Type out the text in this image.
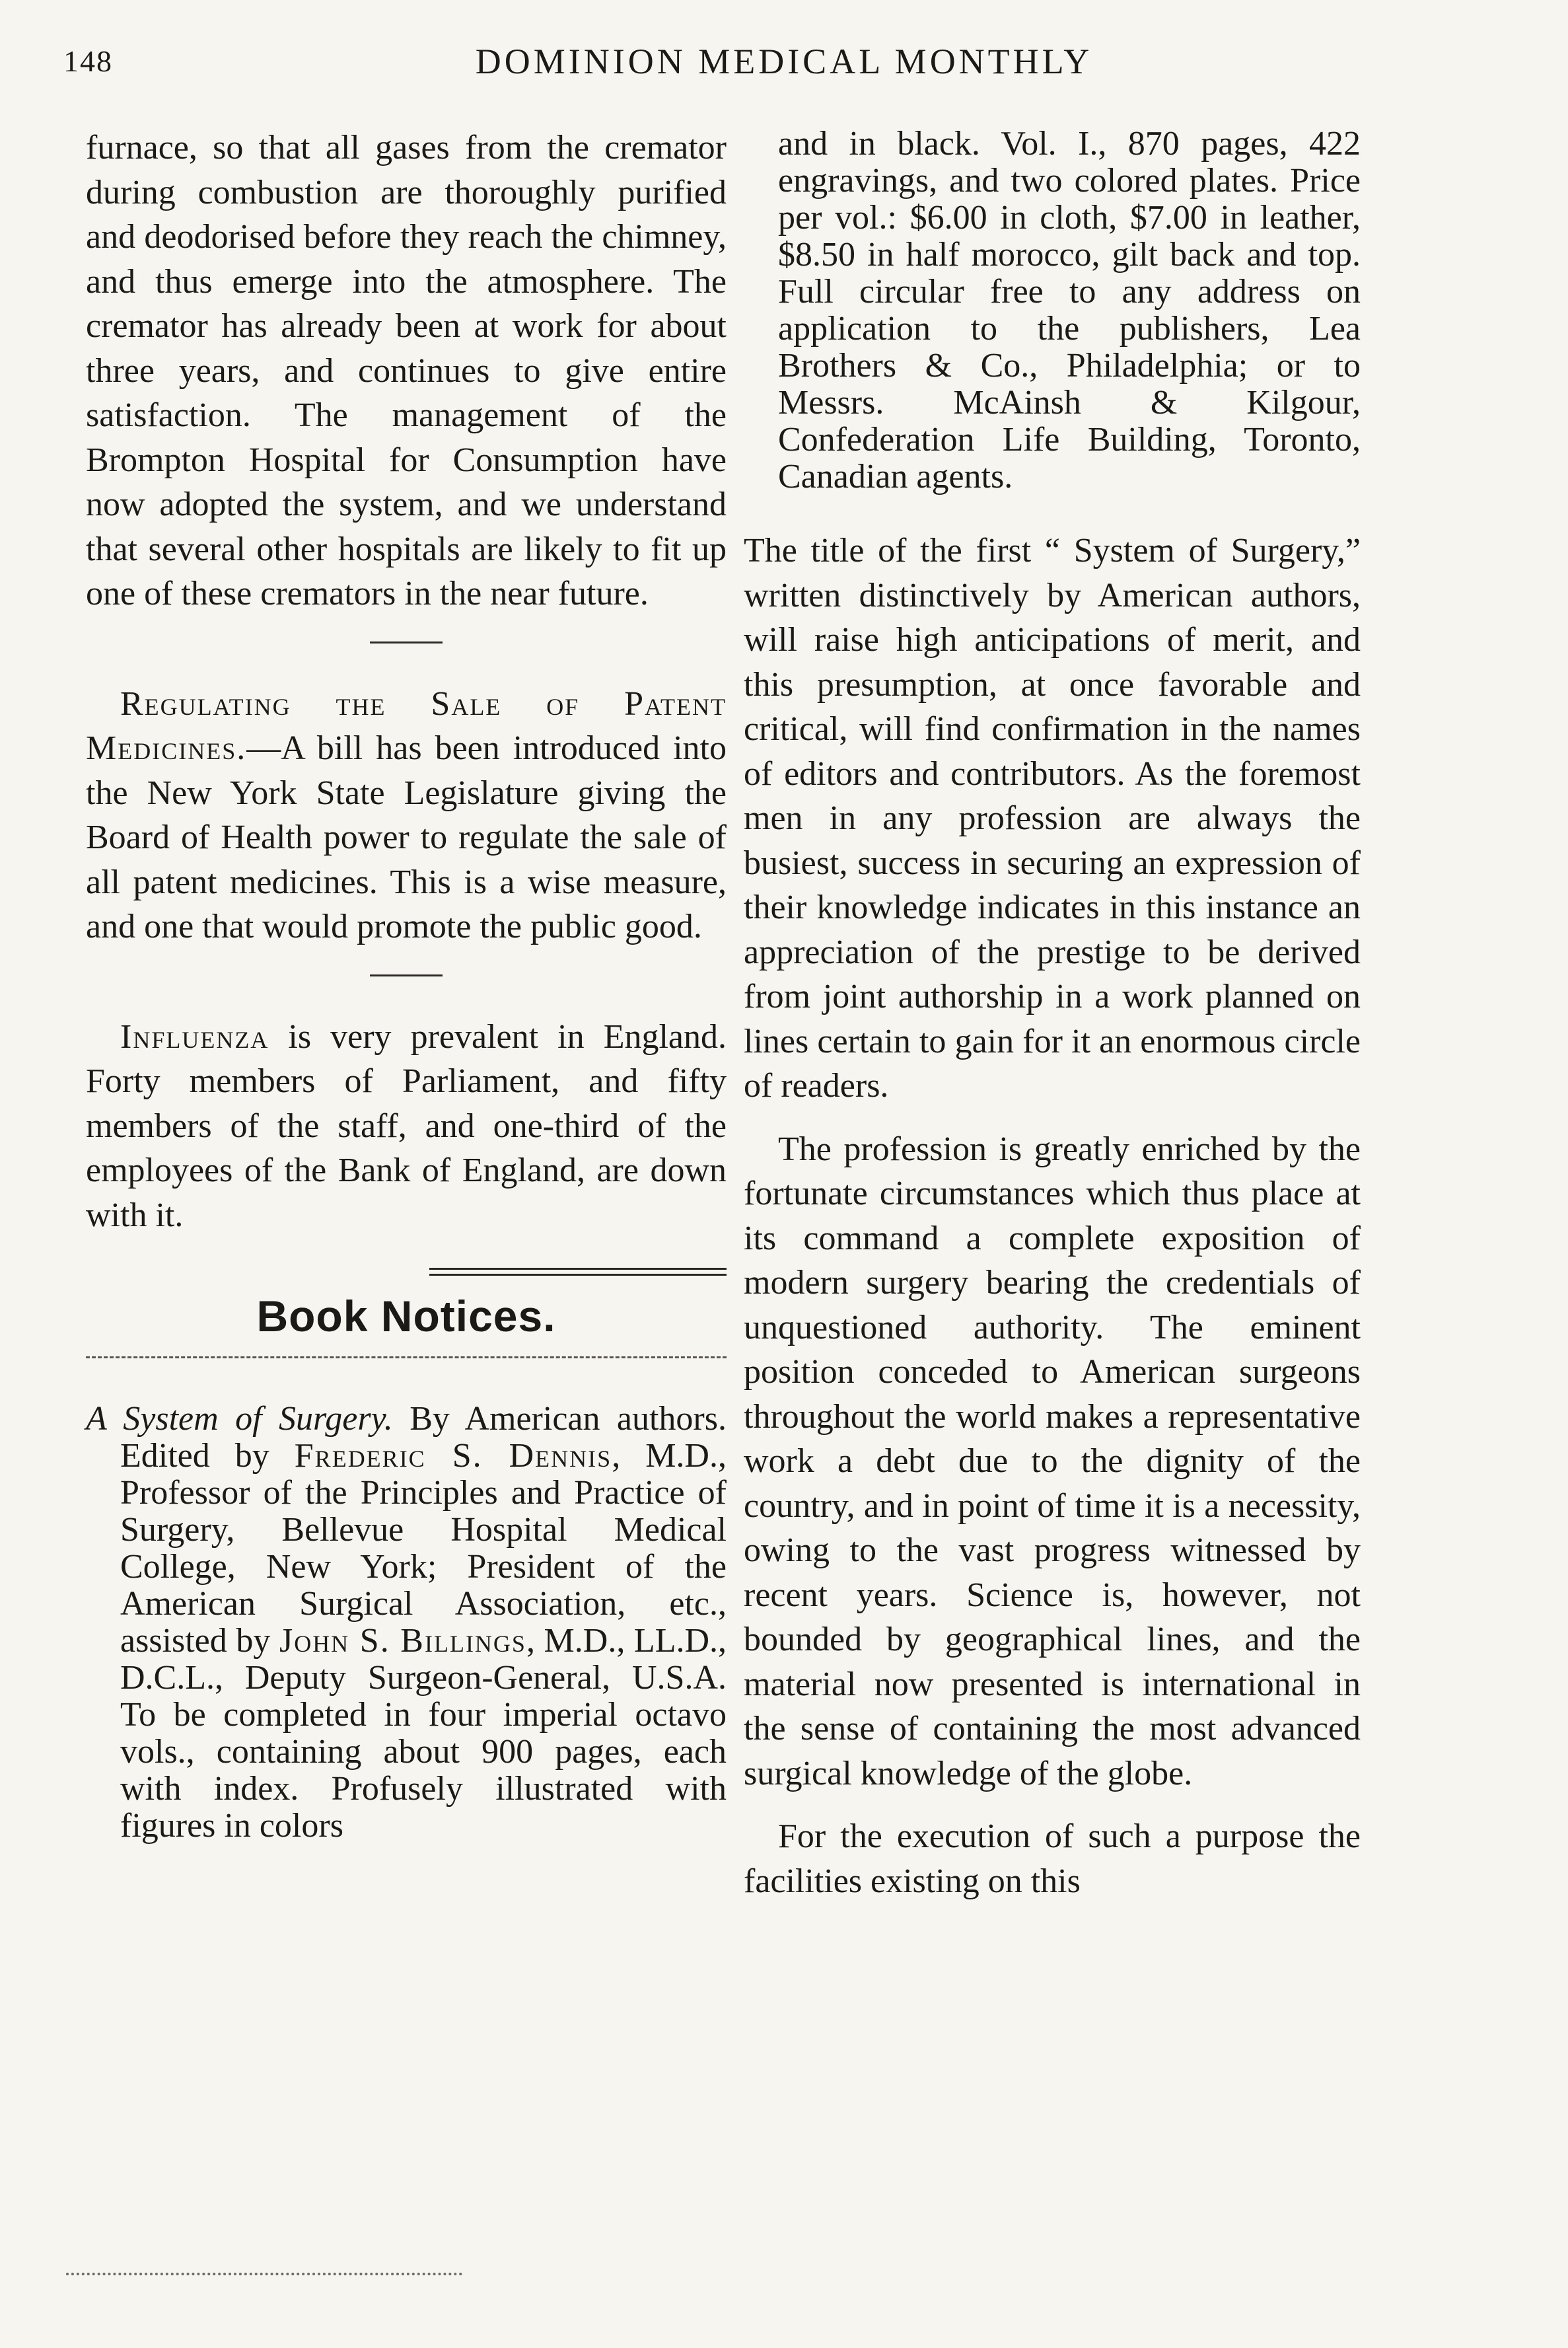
148	DOMINION MEDICAL MONTHLY

furnace, so that all gases from the cremator during combustion are thoroughly purified and deodorised before they reach the chimney, and thus emerge into the atmosphere. The cremator has already been at work for about three years, and continues to give entire satisfaction. The management of the Brompton Hospital for Consumption have now adopted the system, and we understand that several other hospitals are likely to fit up one of these cremators in the near future.

Regulating the Sale of Patent Medicines.—A bill has been introduced into the New York State Legislature giving the Board of Health power to regulate the sale of all patent medicines. This is a wise measure, and one that would promote the public good.

Influenza is very prevalent in England. Forty members of Parliament, and fifty members of the staff, and one-third of the employees of the Bank of England, are down with it.

Book Notices.

A System of Surgery. By American authors. Edited by Frederic S. Dennis, M.D., Professor of the Principles and Practice of Surgery, Bellevue Hospital Medical College, New York; President of the American Surgical Association, etc., assisted by John S. Billings, M.D., LL.D., D.C.L., Deputy Surgeon-General, U.S.A. To be completed in four imperial octavo vols., containing about 900 pages, each with index. Profusely illustrated with figures in colors

and in black. Vol. I., 870 pages, 422 engravings, and two colored plates. Price per vol.: $6.00 in cloth, $7.00 in leather, $8.50 in half morocco, gilt back and top. Full circular free to any address on application to the publishers, Lea Brothers & Co., Philadelphia; or to Messrs. McAinsh & Kilgour, Confederation Life Building, Toronto, Canadian agents.

The title of the first “ System of Surgery,” written distinctively by American authors, will raise high anticipations of merit, and this presumption, at once favorable and critical, will find confirmation in the names of editors and contributors. As the foremost men in any profession are always the busiest, success in securing an expression of their knowledge indicates in this instance an appreciation of the prestige to be derived from joint authorship in a work planned on lines certain to gain for it an enormous circle of readers.

The profession is greatly enriched by the fortunate circumstances which thus place at its command a complete exposition of modern surgery bearing the credentials of unquestioned authority. The eminent position conceded to American surgeons throughout the world makes a representative work a debt due to the dignity of the country, and in point of time it is a necessity, owing to the vast progress witnessed by recent years. Science is, however, not bounded by geographical lines, and the material now presented is international in the sense of containing the most advanced surgical knowledge of the globe.

For the execution of such a purpose the facilities existing on this
